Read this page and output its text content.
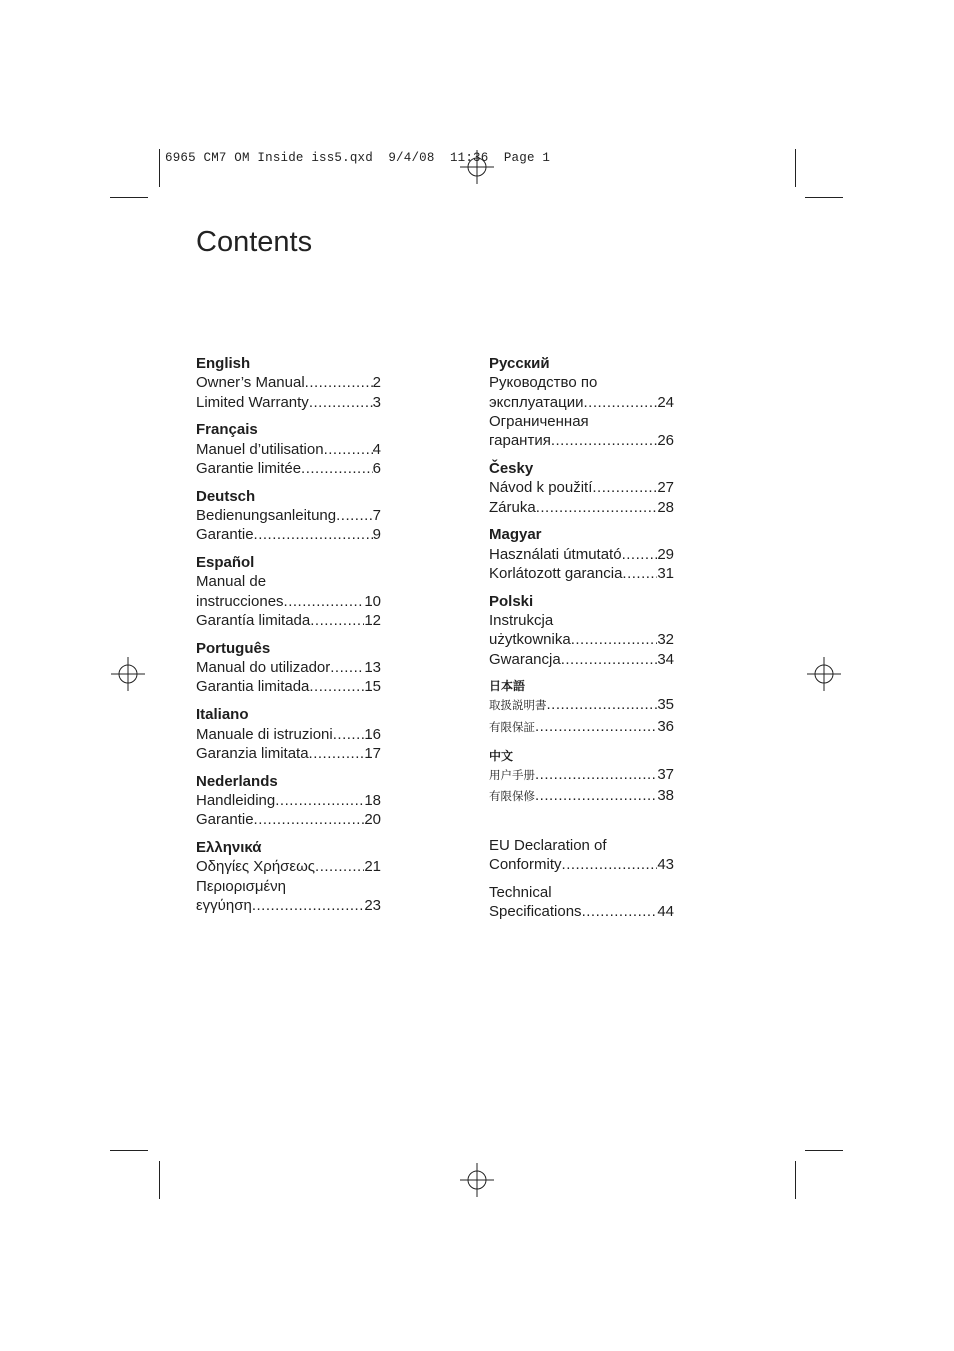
6965 CM7 OM Inside iss5.qxd  9/4/08  11:36  Page 1
Contents
English
Owner’s Manual .....	2
Limited Warranty .....	3
Français
Manuel d’utilisation .....	4
Garantie limitée .....	6
Deutsch
Bedienungsanleitung ..... 7
Garantie .....	9
Español
Manual de
instrucciones .....	10
Garantía limitada .....	12
Português
Manual do utilizador ..... 13
Garantia limitada .....	15
Italiano
Manuale di istruzioni ..... 16
Garanzia limitata .....	17
Nederlands
Handleiding .....	18
Garantie .....	20
Ελληνικά
Οδηγίες Χρήσεως .....	21
Περιορισμένη
εγγύηση .....	23
Русский
Руководство по
эксплуатации .....	24
Ограниченная
гарантия .....	26
Česky
Návod k použití .....	27
Záruka .....	28
Magyar
Használati útmutató ..... 29
Korlátozott garancia ..... 31
Polski
Instrukcja
użytkownika .....	32
Gwarancja .....	34
日本語
取扱説明書 .....	35
有限保証 .....	36
中文
用户手册 .....	37
有限保修 .....	38
EU Declaration of
Conformity .....	43
Technical
Specifications .....	44
